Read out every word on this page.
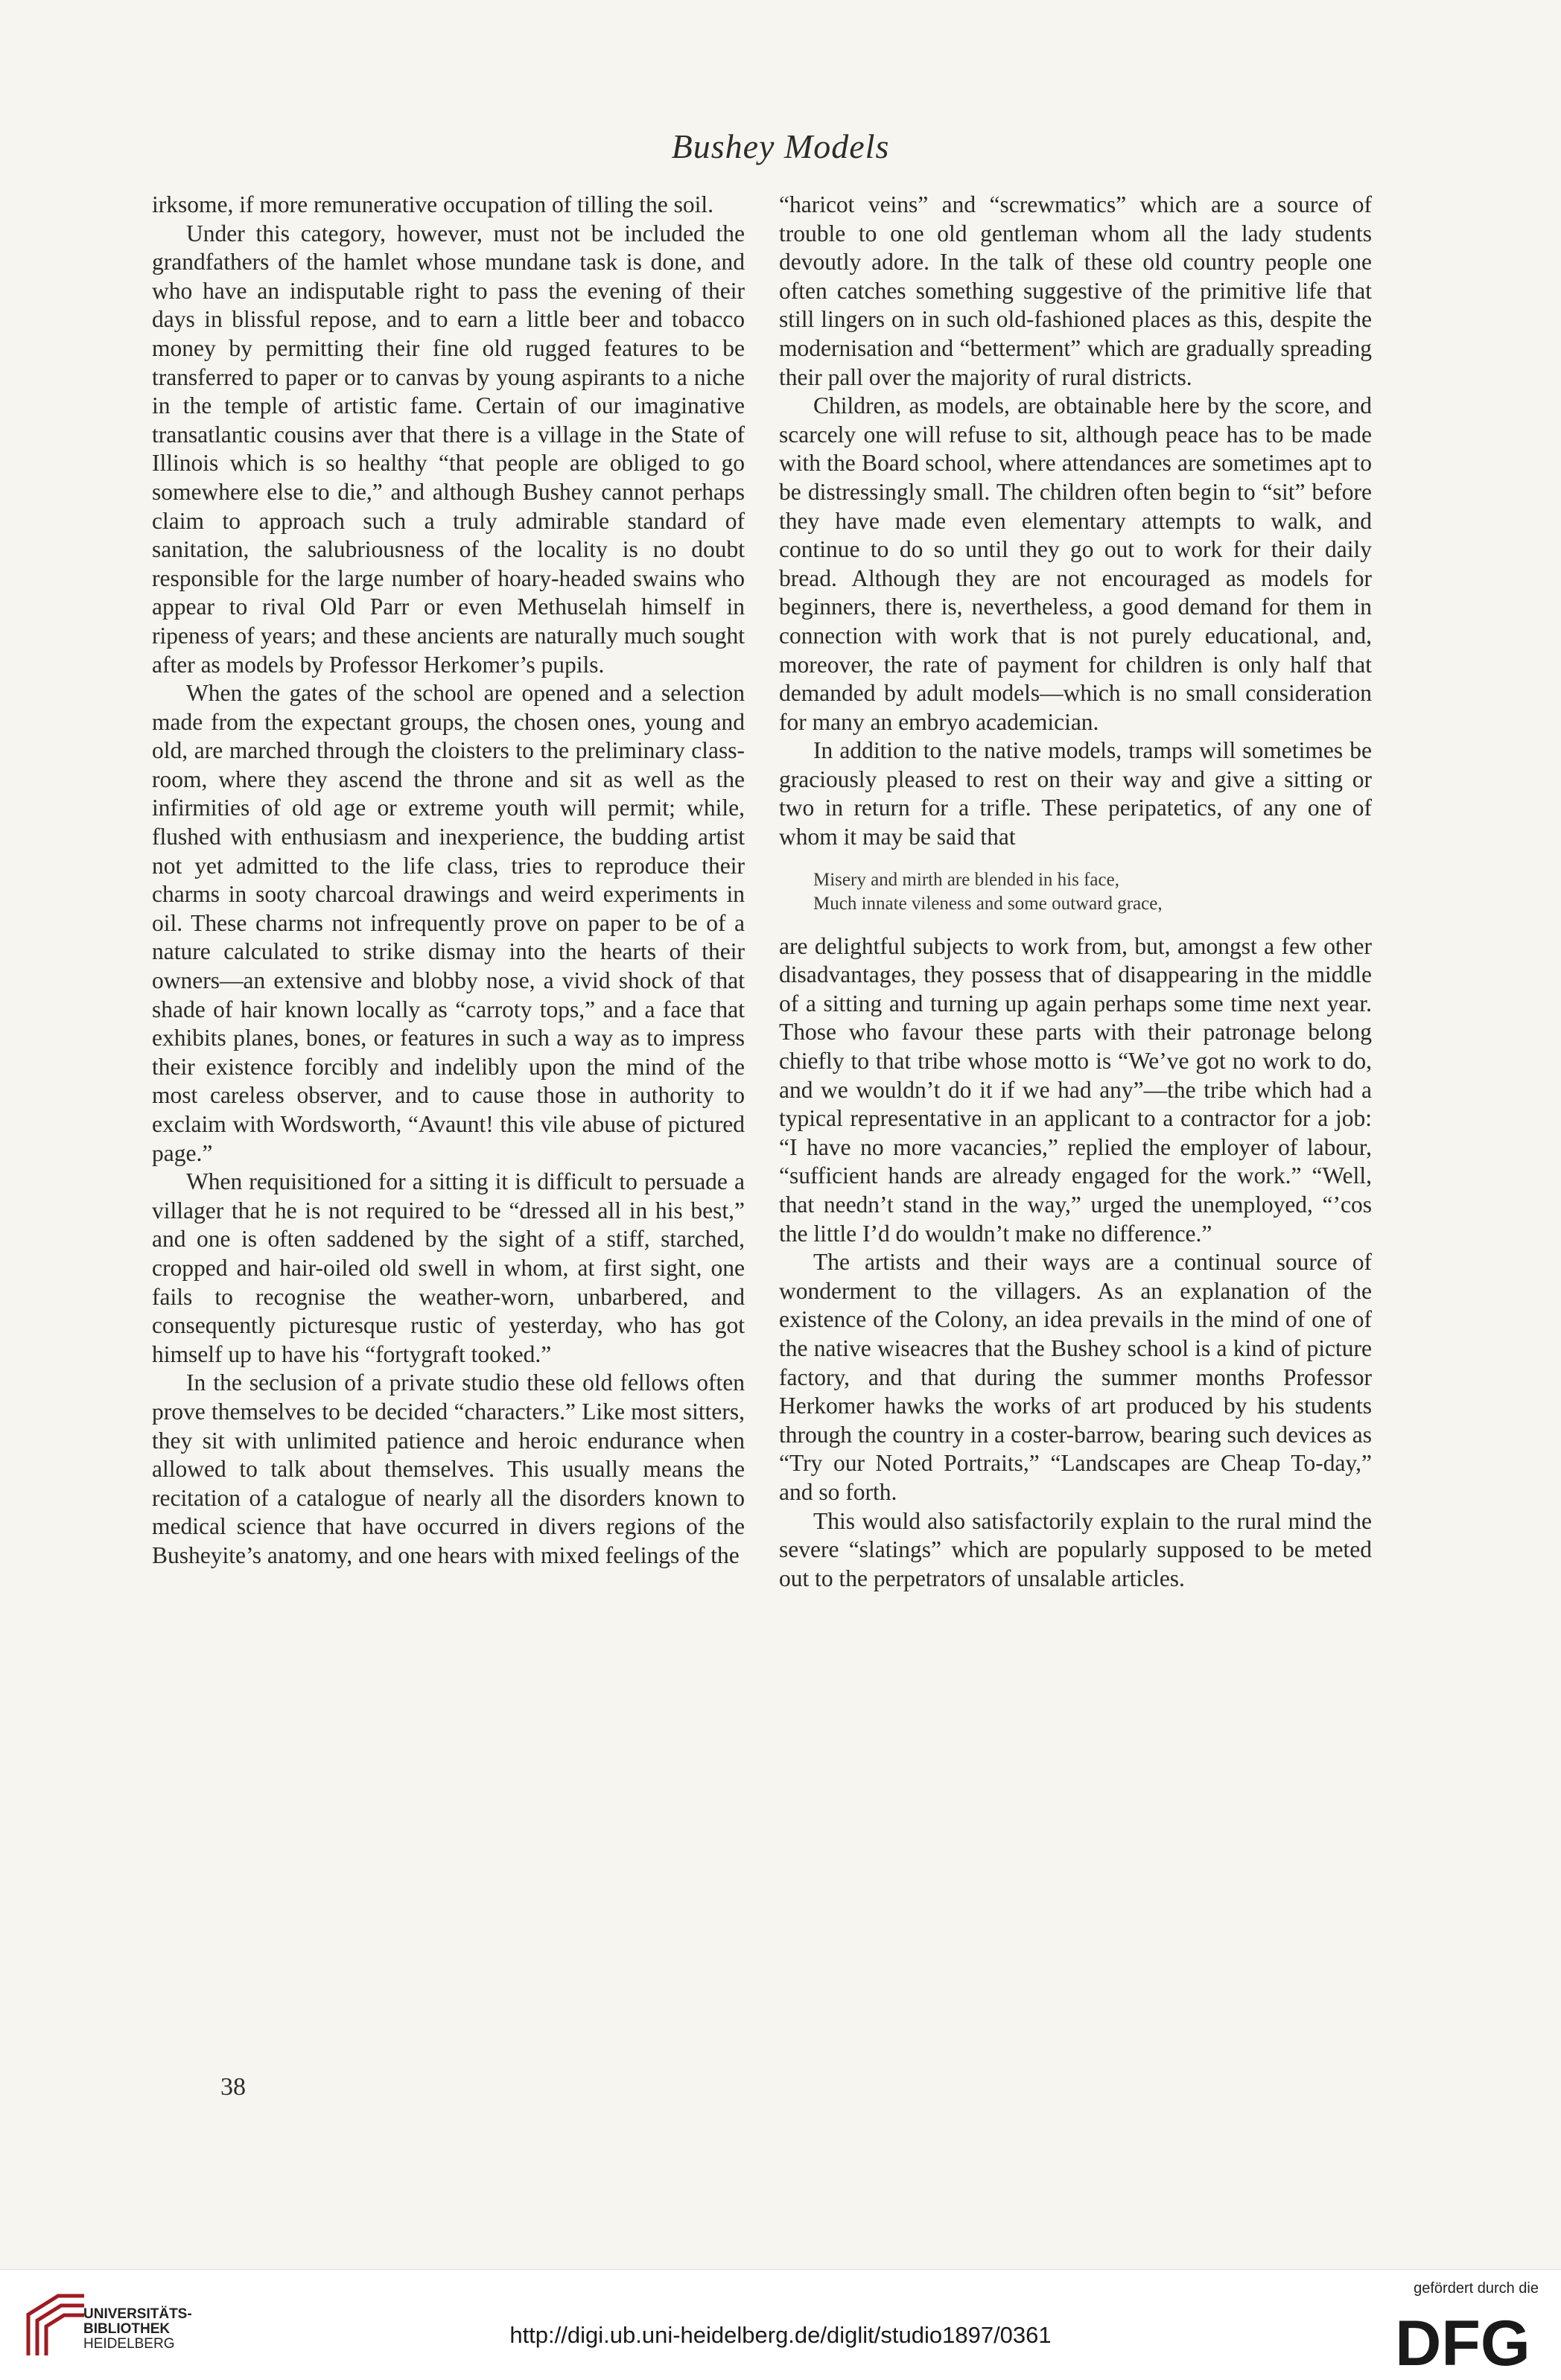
Bushey Models

irksome, if more remunerative occupation of tilling the soil.

Under this category, however, must not be included the grandfathers of the hamlet whose mundane task is done, and who have an indisputable right to pass the evening of their days in blissful repose, and to earn a little beer and tobacco money by permitting their fine old rugged features to be transferred to paper or to canvas by young aspirants to a niche in the temple of artistic fame. Certain of our imaginative transatlantic cousins aver that there is a village in the State of Illinois which is so healthy “that people are obliged to go somewhere else to die,” and although Bushey cannot perhaps claim to approach such a truly admirable standard of sanitation, the salubriousness of the locality is no doubt responsible for the large number of hoary-headed swains who appear to rival Old Parr or even Methuselah himself in ripeness of years; and these ancients are naturally much sought after as models by Professor Herkomer’s pupils.

When the gates of the school are opened and a selection made from the expectant groups, the chosen ones, young and old, are marched through the cloisters to the preliminary class-room, where they ascend the throne and sit as well as the infirmities of old age or extreme youth will permit; while, flushed with enthusiasm and inexperience, the budding artist not yet admitted to the life class, tries to reproduce their charms in sooty charcoal drawings and weird experiments in oil. These charms not infrequently prove on paper to be of a nature calculated to strike dismay into the hearts of their owners—an extensive and blobby nose, a vivid shock of that shade of hair known locally as “carroty tops,” and a face that exhibits planes, bones, or features in such a way as to impress their existence forcibly and indelibly upon the mind of the most careless observer, and to cause those in authority to exclaim with Wordsworth, “Avaunt! this vile abuse of pictured page.”

When requisitioned for a sitting it is difficult to persuade a villager that he is not required to be “dressed all in his best,” and one is often saddened by the sight of a stiff, starched, cropped and hair-oiled old swell in whom, at first sight, one fails to recognise the weather-worn, unbarbered, and consequently picturesque rustic of yesterday, who has got himself up to have his “fortygraft tooked.”

In the seclusion of a private studio these old fellows often prove themselves to be decided “characters.” Like most sitters, they sit with unlimited patience and heroic endurance when allowed to talk about themselves. This usually means the recitation of a catalogue of nearly all the disorders known to medical science that have occurred in divers regions of the Busheyite’s anatomy, and one hears with mixed feelings of the

“haricot veins” and “screwmatics” which are a source of trouble to one old gentleman whom all the lady students devoutly adore. In the talk of these old country people one often catches something suggestive of the primitive life that still lingers on in such old-fashioned places as this, despite the modernisation and “betterment” which are gradually spreading their pall over the majority of rural districts.

Children, as models, are obtainable here by the score, and scarcely one will refuse to sit, although peace has to be made with the Board school, where attendances are sometimes apt to be distressingly small. The children often begin to “sit” before they have made even elementary attempts to walk, and continue to do so until they go out to work for their daily bread. Although they are not encouraged as models for beginners, there is, nevertheless, a good demand for them in connection with work that is not purely educational, and, moreover, the rate of payment for children is only half that demanded by adult models—which is no small consideration for many an embryo academician.

In addition to the native models, tramps will sometimes be graciously pleased to rest on their way and give a sitting or two in return for a trifle. These peripatetics, of any one of whom it may be said that

Misery and mirth are blended in his face,
Much innate vileness and some outward grace,

are delightful subjects to work from, but, amongst a few other disadvantages, they possess that of disappearing in the middle of a sitting and turning up again perhaps some time next year. Those who favour these parts with their patronage belong chiefly to that tribe whose motto is “We’ve got no work to do, and we wouldn’t do it if we had any”—the tribe which had a typical representative in an applicant to a contractor for a job: “I have no more vacancies,” replied the employer of labour, “sufficient hands are already engaged for the work.” “Well, that needn’t stand in the way,” urged the unemployed, “’cos the little I’d do wouldn’t make no difference.”

The artists and their ways are a continual source of wonderment to the villagers. As an explanation of the existence of the Colony, an idea prevails in the mind of one of the native wiseacres that the Bushey school is a kind of picture factory, and that during the summer months Professor Herkomer hawks the works of art produced by his students through the country in a coster-barrow, bearing such devices as “Try our Noted Portraits,” “Landscapes are Cheap To-day,” and so forth.

This would also satisfactorily explain to the rural mind the severe “slatings” which are popularly supposed to be meted out to the perpetrators of unsalable articles.

38
UNIVERSITÄTS-
BIBLIOTHEK
HEIDELBERG	http://digi.ub.uni-heidelberg.de/diglit/studio1897/0361
gefördert durch die
DFG
